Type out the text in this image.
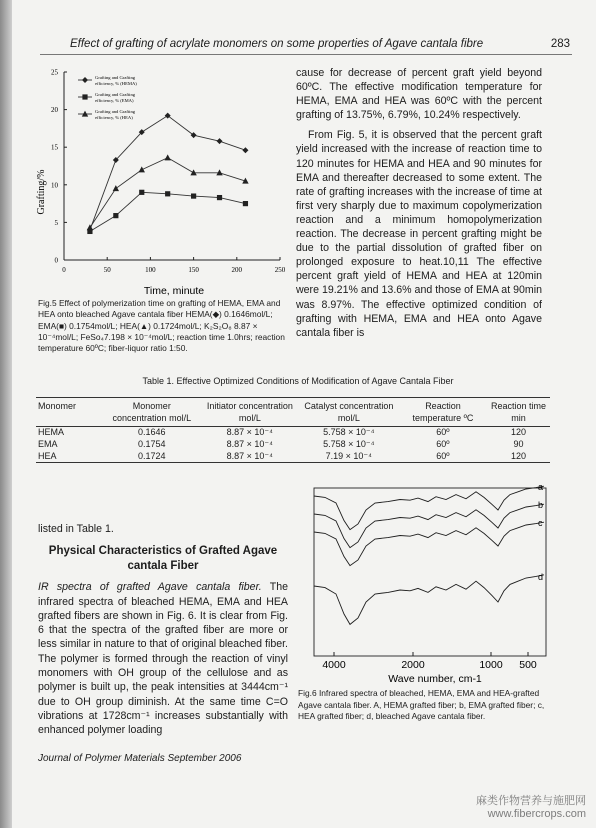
Effect of grafting of acrylate monomers on some properties of Agave cantala fibre	283
0	50	100	150	200	250
0
5
10
15
20
25
Grafting and Grafting
efficiency, % (HEMA)
Grafting and Grafting
efficiency, % (EMA)
Grafting and Grafting
efficiency, % (HEA)
Grafting/%
Time, minute
Fig.5 Effect of polymerization time on grafting of HEMA, EMA and HEA onto bleached Agave cantala fiber HEMA(◆) 0.1646mol/L; EMA(■) 0.1754mol/L; HEA(▲) 0.1724mol/L; K₂S₂O₈ 8.87 × 10⁻⁴mol/L; FeSo₄7.198 × 10⁻⁴mol/L; reaction time 1.0hrs; reaction temperature 60ºC; fiber-liquor ratio 1:50.

cause for decrease of percent graft yield beyond 60ºC. The effective modification temperature for HEMA, EMA and HEA was 60ºC with the percent grafting of 13.75%, 6.79%, 10.24% respectively.

From Fig. 5, it is observed that the percent graft yield increased with the increase of reaction time to 120 minutes for HEMA and HEA and 90 minutes for EMA and thereafter decreased to some extent. The rate of grafting increases with the increase of time at first very sharply due to maximum copolymerization reaction and a minimum homopolymerization reaction. The decrease in percent grafting might be due to the partial dissolution of grafted fiber on prolonged exposure to heat.10,11 The effective percent graft yield of HEMA and HEA at 120min were 19.21% and 13.6% and those of EMA at 90min was 8.97%. The effective optimized condition of grafting with HEMA, EMA and HEA onto Agave cantala fiber is

Table 1. Effective Optimized Conditions of Modification of Agave Cantala Fiber
Monomer	Monomer concentration mol/L	Initiator concentration mol/L	Catalyst concentration mol/L	Reaction temperature ºC	Reaction time min
HEMA	0.1646	8.87 × 10⁻⁴	5.758 × 10⁻⁴	60º	120
EMA	0.1754	8.87 × 10⁻⁴	5.758 × 10⁻⁴	60º	90
HEA	0.1724	8.87 × 10⁻⁴	7.19 × 10⁻⁴	60º	120

listed in Table 1.

Physical Characteristics of Grafted Agave cantala Fiber

IR spectra of grafted Agave cantala fiber. The infrared spectra of bleached HEMA, EMA and HEA grafted fibers are shown in Fig. 6. It is clear from Fig. 6 that the spectra of the grafted fiber are more or less similar in nature to that of original bleached fiber. The polymer is formed through the reaction of vinyl monomers with OH group of the cellulose and as polymer is built up, the peak intensities at 3444cm⁻¹ due to OH group diminish. At the same time C=O vibrations at 1728cm⁻¹ increases substantially with enhanced polymer loading

a
b
c
d
4000	2000	1000 500
Wave number, cm-1
Fig.6 Infrared spectra of bleached, HEMA, EMA and HEA-grafted Agave cantala fiber. A, HEMA grafted fiber; b, EMA grafted fiber; c, HEA grafted fiber; d, bleached Agave cantala fiber.
Journal of Polymer Materials September 2006
麻类作物营养与施肥网
www.fibercrops.com
